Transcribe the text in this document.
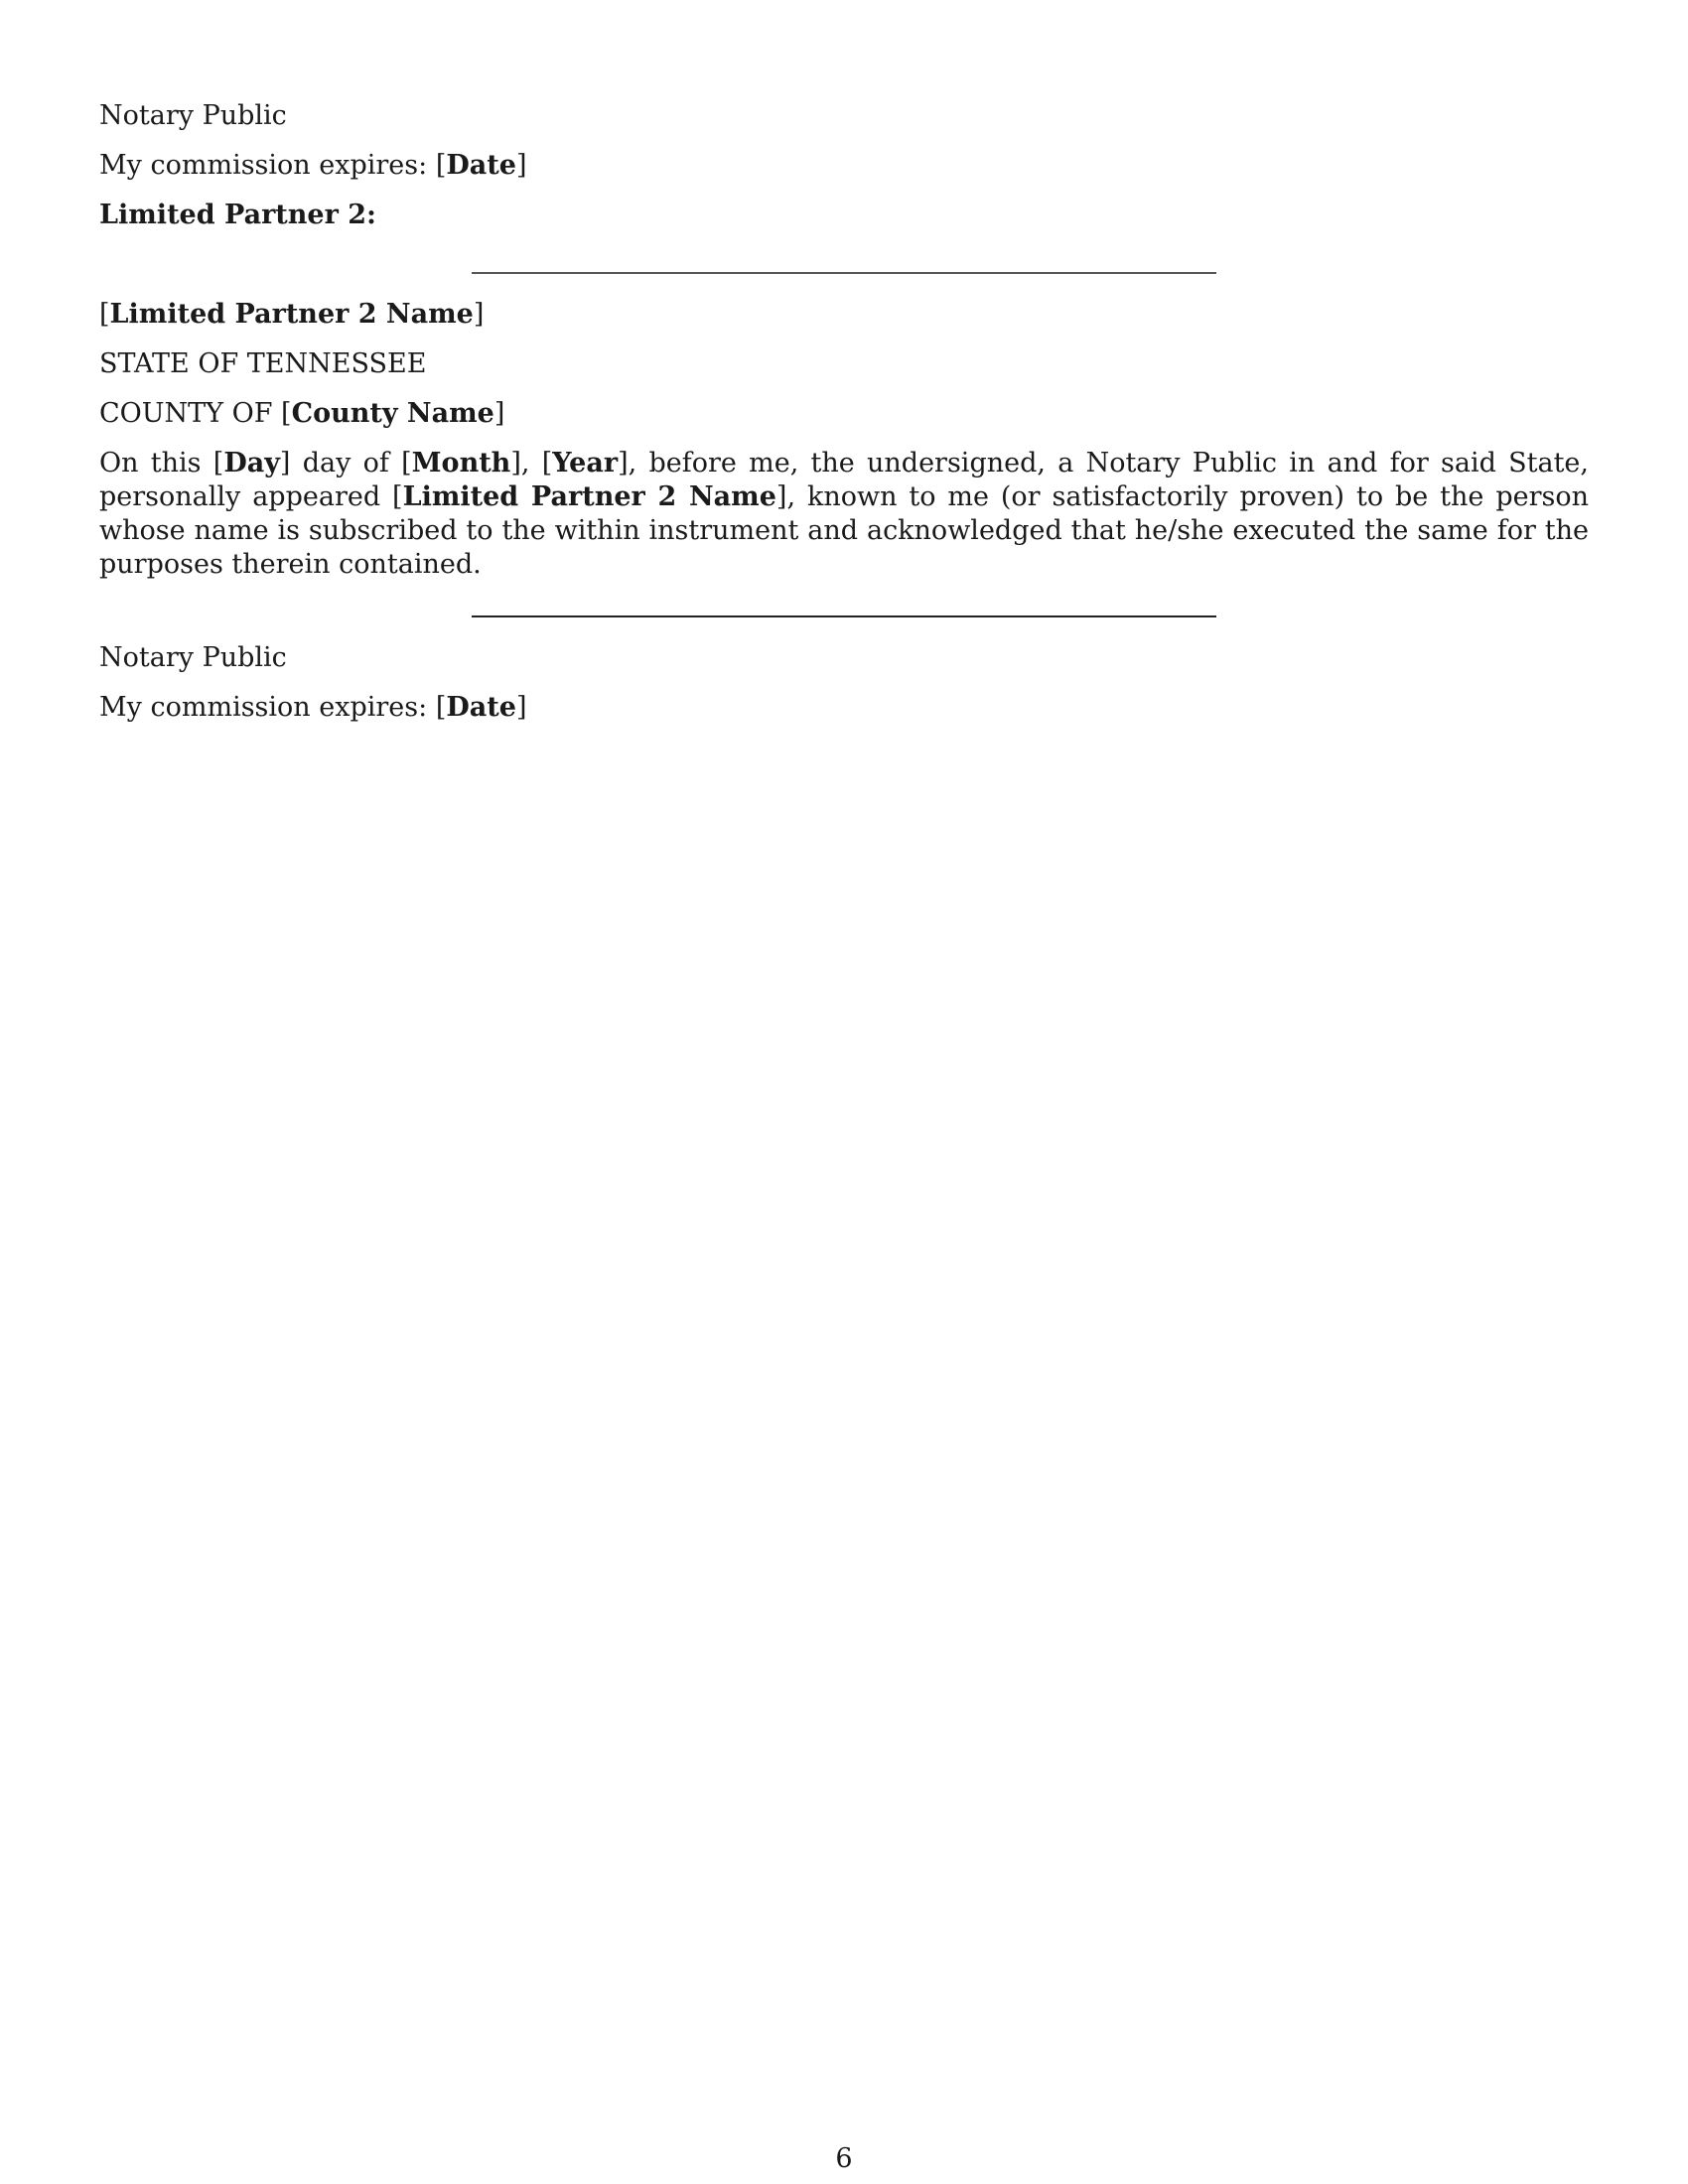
Notary Public

My commission expires: [Date]

Limited Partner 2:

[Limited Partner 2 Name]

STATE OF TENNESSEE

COUNTY OF [County Name]

On this [Day] day of [Month], [Year], before me, the undersigned, a Notary Public in and for said State, personally appeared [Limited Partner 2 Name], known to me (or satisfactorily proven) to be the person whose name is subscribed to the within instrument and acknowledged that he/she executed the same for the purposes therein contained.

Notary Public

My commission expires: [Date]

6
